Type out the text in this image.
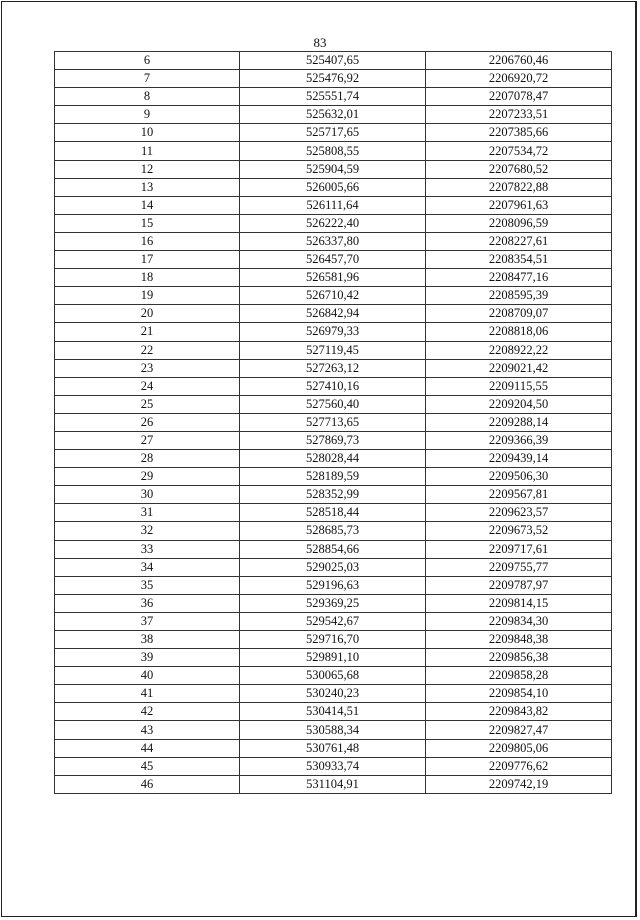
83
6	525407,65	2206760,46
7	525476,92	2206920,72
8	525551,74	2207078,47
9	525632,01	2207233,51
10	525717,65	2207385,66
11	525808,55	2207534,72
12	525904,59	2207680,52
13	526005,66	2207822,88
14	526111,64	2207961,63
15	526222,40	2208096,59
16	526337,80	2208227,61
17	526457,70	2208354,51
18	526581,96	2208477,16
19	526710,42	2208595,39
20	526842,94	2208709,07
21	526979,33	2208818,06
22	527119,45	2208922,22
23	527263,12	2209021,42
24	527410,16	2209115,55
25	527560,40	2209204,50
26	527713,65	2209288,14
27	527869,73	2209366,39
28	528028,44	2209439,14
29	528189,59	2209506,30
30	528352,99	2209567,81
31	528518,44	2209623,57
32	528685,73	2209673,52
33	528854,66	2209717,61
34	529025,03	2209755,77
35	529196,63	2209787,97
36	529369,25	2209814,15
37	529542,67	2209834,30
38	529716,70	2209848,38
39	529891,10	2209856,38
40	530065,68	2209858,28
41	530240,23	2209854,10
42	530414,51	2209843,82
43	530588,34	2209827,47
44	530761,48	2209805,06
45	530933,74	2209776,62
46	531104,91	2209742,19
